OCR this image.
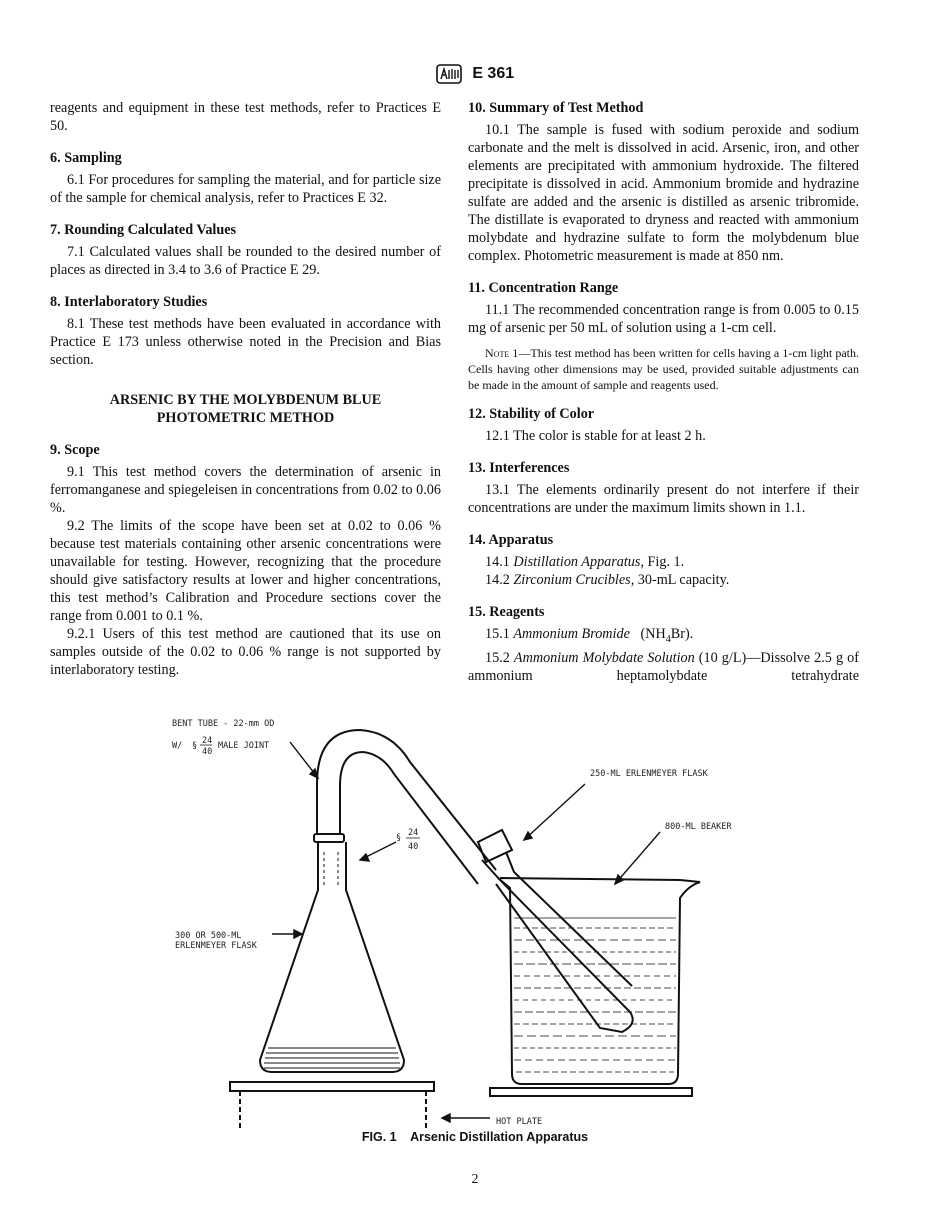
E 361

reagents and equipment in these test methods, refer to Practices E 50.

6. Sampling

6.1 For procedures for sampling the material, and for particle size of the sample for chemical analysis, refer to Practices E 32.

7. Rounding Calculated Values

7.1 Calculated values shall be rounded to the desired number of places as directed in 3.4 to 3.6 of Practice E 29.

8. Interlaboratory Studies

8.1 These test methods have been evaluated in accordance with Practice E 173 unless otherwise noted in the Precision and Bias section.

ARSENIC BY THE MOLYBDENUM BLUE

PHOTOMETRIC METHOD

9. Scope

9.1 This test method covers the determination of arsenic in ferromanganese and spiegeleisen in concentrations from 0.02 to 0.06 %.

9.2 The limits of the scope have been set at 0.02 to 0.06 % because test materials containing other arsenic concentrations were unavailable for testing. However, recognizing that the procedure should give satisfactory results at lower and higher concentrations, this test method’s Calibration and Procedure sections cover the range from 0.001 to 0.1 %.

9.2.1 Users of this test method are cautioned that its use on samples outside of the 0.02 to 0.06 % range is not supported by interlaboratory testing.

10. Summary of Test Method

10.1 The sample is fused with sodium peroxide and sodium carbonate and the melt is dissolved in acid. Arsenic, iron, and other elements are precipitated with ammonium hydroxide. The filtered precipitate is dissolved in acid. Ammonium bromide and hydrazine sulfate are added and the arsenic is distilled as arsenic tribromide. The distillate is evaporated to dryness and reacted with ammonium molybdate and hydrazine sulfate to form the molybdenum blue complex. Photometric measurement is made at 850 nm.

11. Concentration Range

11.1 The recommended concentration range is from 0.005 to 0.15 mg of arsenic per 50 mL of solution using a 1-cm cell.

Note 1—This test method has been written for cells having a 1-cm light path. Cells having other dimensions may be used, provided suitable adjustments can be made in the amount of sample and reagents used.

12. Stability of Color

12.1 The color is stable for at least 2 h.

13. Interferences

13.1 The elements ordinarily present do not interfere if their concentrations are under the maximum limits shown in 1.1.

14. Apparatus

14.1 Distillation Apparatus, Fig. 1.

14.2 Zirconium Crucibles, 30-mL capacity.

15. Reagents

15.1 Ammonium Bromide $(NH_4Br)$.

15.2 Ammonium Molybdate Solution (10 g/L)—Dissolve 2.5 g of ammonium heptamolybdate tetrahydrate

BENT TUBE - 22-mm OD
W/ § 24
40
MALE JOINT
§ 24
40
300 OR 500-ML
ERLENMEYER FLASK
250-ML ERLENMEYER FLASK
800-ML BEAKER
HOT PLATE
FIG. 1 Arsenic Distillation Apparatus
2
